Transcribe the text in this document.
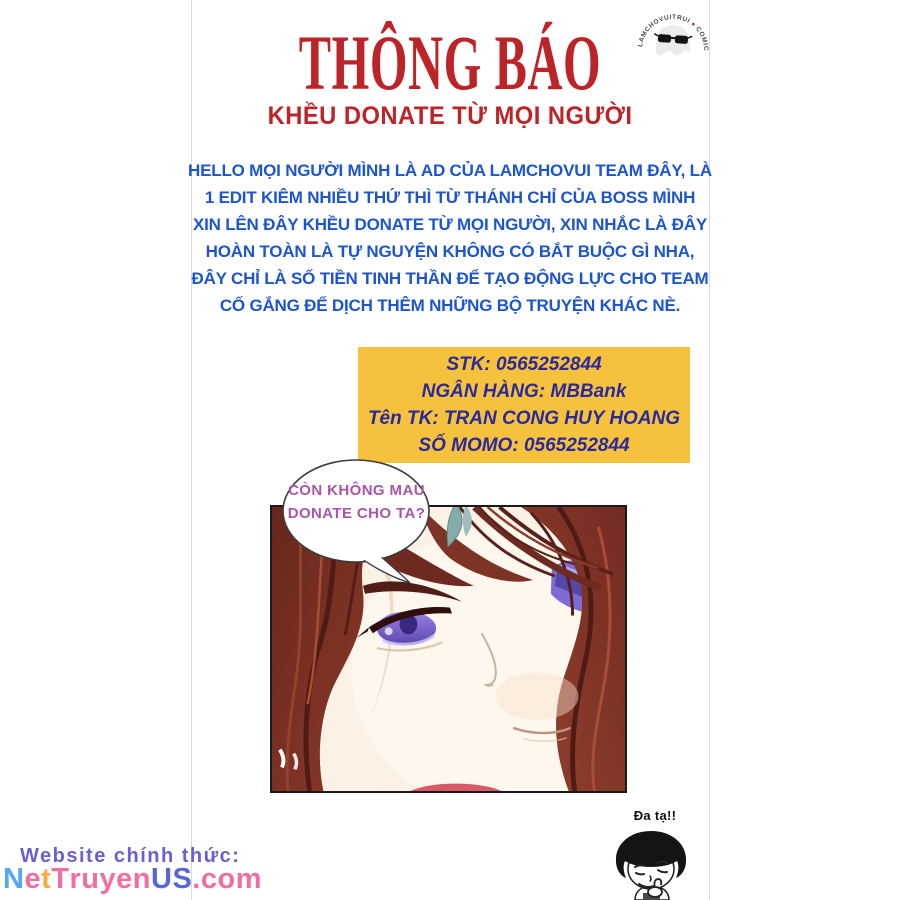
LAMCHOVUITRUI● COMIC
THÔNG BÁO
KHỀU DONATE TỪ MỌI NGƯỜI
HELLO MỌI NGƯỜI MÌNH LÀ AD CỦA LAMCHOVUI TEAM ĐÂY, LÀ
1 EDIT KIÊM NHIỀU THỨ THÌ TỪ THÁNH CHỈ CỦA BOSS MÌNH
XIN LÊN ĐÂY KHỀU DONATE TỪ MỌI NGƯỜI, XIN NHẮC LÀ ĐÂY
HOÀN TOÀN LÀ TỰ NGUYỆN KHÔNG CÓ BẮT BUỘC GÌ NHA,
ĐÂY CHỈ LÀ SỐ TIỀN TINH THẦN ĐỂ TẠO ĐỘNG LỰC CHO TEAM
CỐ GẮNG ĐỂ DỊCH THÊM NHỮNG BỘ TRUYỆN KHÁC NÈ.
STK: 0565252844
NGÂN HÀNG: MBBank
Tên TK: TRAN CONG HUY HOANG
SỐ MOMO: 0565252844
CÒN KHÔNG MAU
DONATE CHO TA?
Đa tạ!!
Website chính thức:
NetTruyenUS.com
